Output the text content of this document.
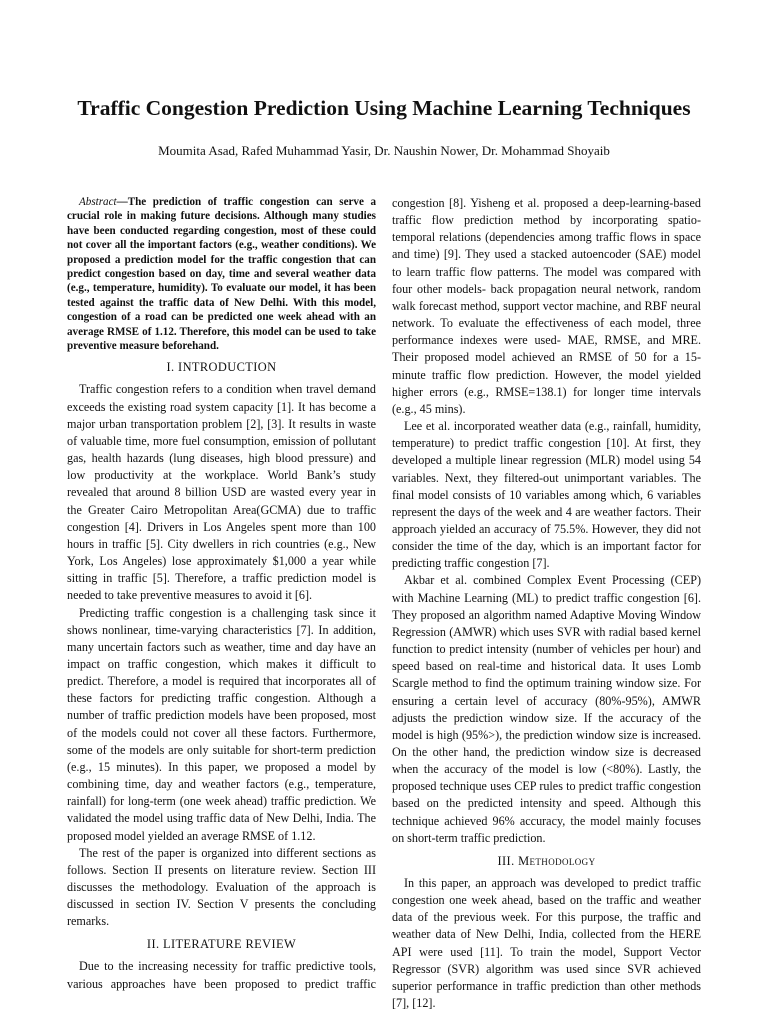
Traffic Congestion Prediction Using Machine Learning Techniques
Moumita Asad, Rafed Muhammad Yasir, Dr. Naushin Nower, Dr. Mohammad Shoyaib

Abstract—The prediction of traffic congestion can serve a crucial role in making future decisions. Although many studies have been conducted regarding congestion, most of these could not cover all the important factors (e.g., weather conditions). We proposed a prediction model for the traffic congestion that can predict congestion based on day, time and several weather data (e.g., temperature, humidity). To evaluate our model, it has been tested against the traffic data of New Delhi. With this model, congestion of a road can be predicted one week ahead with an average RMSE of 1.12. Therefore, this model can be used to take preventive measure beforehand.

I. INTRODUCTION

Traffic congestion refers to a condition when travel demand exceeds the existing road system capacity [1]. It has become a major urban transportation problem [2], [3]. It results in waste of valuable time, more fuel consumption, emission of pollutant gas, health hazards (lung diseases, high blood pressure) and low productivity at the workplace. World Bank’s study revealed that around 8 billion USD are wasted every year in the Greater Cairo Metropolitan Area(GCMA) due to traffic congestion [4]. Drivers in Los Angeles spent more than 100 hours in traffic [5]. City dwellers in rich countries (e.g., New York, Los Angeles) lose approximately $1,000 a year while sitting in traffic [5]. Therefore, a traffic prediction model is needed to take preventive measures to avoid it [6].

Predicting traffic congestion is a challenging task since it shows nonlinear, time-varying characteristics [7]. In addition, many uncertain factors such as weather, time and day have an impact on traffic congestion, which makes it difficult to predict. Therefore, a model is required that incorporates all of these factors for predicting traffic congestion. Although a number of traffic prediction models have been proposed, most of the models could not cover all these factors. Furthermore, some of the models are only suitable for short-term prediction (e.g., 15 minutes). In this paper, we proposed a model by combining time, day and weather factors (e.g., temperature, rainfall) for long-term (one week ahead) traffic prediction. We validated the model using traffic data of New Delhi, India. The proposed model yielded an average RMSE of 1.12.

The rest of the paper is organized into different sections as follows. Section II presents on literature review. Section III discusses the methodology. Evaluation of the approach is discussed in section IV. Section V presents the concluding remarks.

II. LITERATURE REVIEW

Due to the increasing necessity for traffic predictive tools, various approaches have been proposed to predict traffic

congestion [8]. Yisheng et al. proposed a deep-learning-based traffic flow prediction method by incorporating spatio-temporal relations (dependencies among traffic flows in space and time) [9]. They used a stacked autoencoder (SAE) model to learn traffic flow patterns. The model was compared with four other models- back propagation neural network, random walk forecast method, support vector machine, and RBF neural network. To evaluate the effectiveness of each model, three performance indexes were used- MAE, RMSE, and MRE. Their proposed model achieved an RMSE of 50 for a 15-minute traffic flow prediction. However, the model yielded higher errors (e.g., RMSE=138.1) for longer time intervals (e.g., 45 mins).

Lee et al. incorporated weather data (e.g., rainfall, humidity, temperature) to predict traffic congestion [10]. At first, they developed a multiple linear regression (MLR) model using 54 variables. Next, they filtered-out unimportant variables. The final model consists of 10 variables among which, 6 variables represent the days of the week and 4 are weather factors. Their approach yielded an accuracy of 75.5%. However, they did not consider the time of the day, which is an important factor for predicting traffic congestion [7].

Akbar et al. combined Complex Event Processing (CEP) with Machine Learning (ML) to predict traffic congestion [6]. They proposed an algorithm named Adaptive Moving Window Regression (AMWR) which uses SVR with radial based kernel function to predict intensity (number of vehicles per hour) and speed based on real-time and historical data. It uses Lomb Scargle method to find the optimum training window size. For ensuring a certain level of accuracy (80%-95%), AMWR adjusts the prediction window size. If the accuracy of the model is high (95%>), the prediction window size is increased. On the other hand, the prediction window size is decreased when the accuracy of the model is low (<80%). Lastly, the proposed technique uses CEP rules to predict traffic congestion based on the predicted intensity and speed. Although this technique achieved 96% accuracy, the model mainly focuses on short-term traffic prediction.

III. Methodology

In this paper, an approach was developed to predict traffic congestion one week ahead, based on the traffic and weather data of the previous week. For this purpose, the traffic and weather data of New Delhi, India, collected from the HERE API were used [11]. To train the model, Support Vector Regressor (SVR) algorithm was used since SVR achieved superior performance in traffic prediction than other methods [7], [12].
